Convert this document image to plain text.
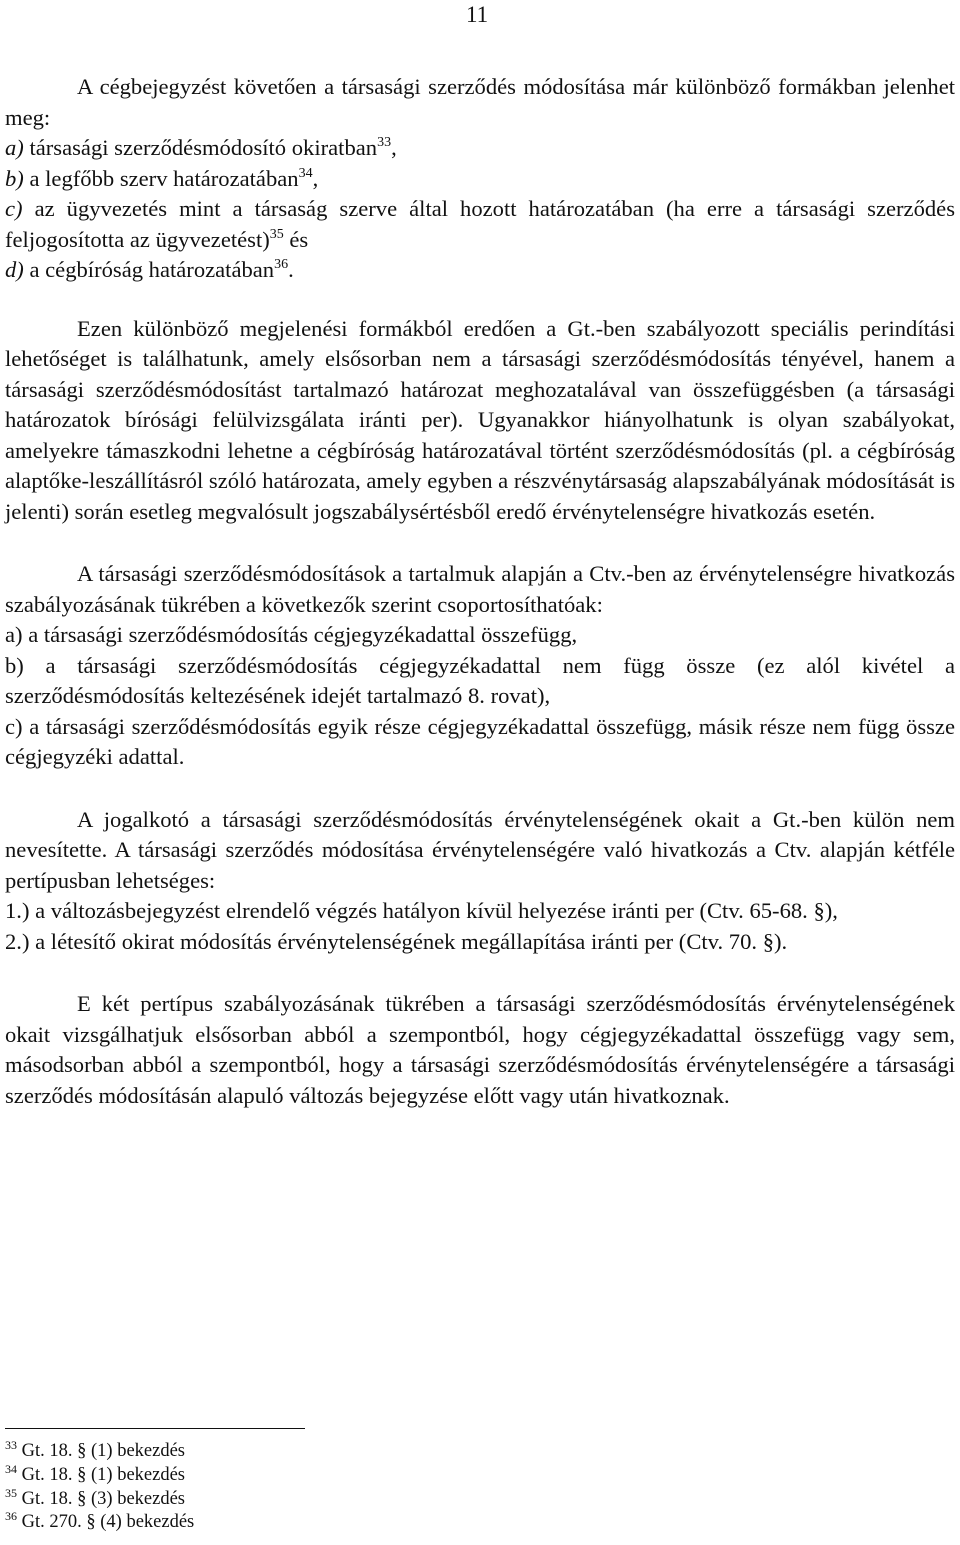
11
A cégbejegyzést követően a társasági szerződés módosítása már különböző formákban jelenhet meg:
a) társasági szerződésmódosító okiratban$^{33}$,
b) a legfőbb szerv határozatában$^{34}$,
c) az ügyvezetés mint a társaság szerve által hozott határozatában (ha erre a társasági szerződés feljogosította az ügyvezetést)$^{35}$ és
d) a cégbíróság határozatában$^{36}$.

Ezen különböző megjelenési formákból eredően a Gt.-ben szabályozott speciális perindítási lehetőséget is találhatunk, amely elsősorban nem a társasági szerződésmódosítás tényével, hanem a társasági szerződésmódosítást tartalmazó határozat meghozatalával van összefüggésben (a társasági határozatok bírósági felülvizsgálata iránti per). Ugyanakkor hiányolhatunk is olyan szabályokat, amelyekre támaszkodni lehetne a cégbíróság határozatával történt szerződésmódosítás (pl. a cégbíróság alaptőke-leszállításról szóló határozata, amely egyben a részvénytársaság alapszabályának módosítását is jelenti) során esetleg megvalósult jogszabálysértésből eredő érvénytelenségre hivatkozás esetén.

A társasági szerződésmódosítások a tartalmuk alapján a Ctv.-ben az érvénytelenségre hivatkozás szabályozásának tükrében a következők szerint csoportosíthatóak:
a) a társasági szerződésmódosítás cégjegyzékadattal összefügg,
b) a társasági szerződésmódosítás cégjegyzékadattal nem függ össze (ez alól kivétel a szerződésmódosítás keltezésének idejét tartalmazó 8. rovat),
c) a társasági szerződésmódosítás egyik része cégjegyzékadattal összefügg, másik része nem függ össze cégjegyzéki adattal.
A jogalkotó a társasági szerződésmódosítás érvénytelenségének okait a Gt.-ben külön nem nevesítette. A társasági szerződés módosítása érvénytelenségére való hivatkozás a Ctv. alapján kétféle pertípusban lehetséges:
1.) a változásbejegyzést elrendelő végzés hatályon kívül helyezése iránti per (Ctv. 65-68. §),
2.) a létesítő okirat módosítás érvénytelenségének megállapítása iránti per (Ctv. 70. §).

E két pertípus szabályozásának tükrében a társasági szerződésmódosítás érvénytelenségének okait vizsgálhatjuk elsősorban abból a szempontból, hogy cégjegyzékadattal összefügg vagy sem, másodsorban abból a szempontból, hogy a társasági szerződésmódosítás érvénytelenségére a társasági szerződés módosításán alapuló változás bejegyzése előtt vagy után hivatkoznak.

$^{33}$ Gt. 18. § (1) bekezdés
$^{34}$ Gt. 18. § (1) bekezdés
$^{35}$ Gt. 18. § (3) bekezdés
$^{36}$ Gt. 270. § (4) bekezdés
